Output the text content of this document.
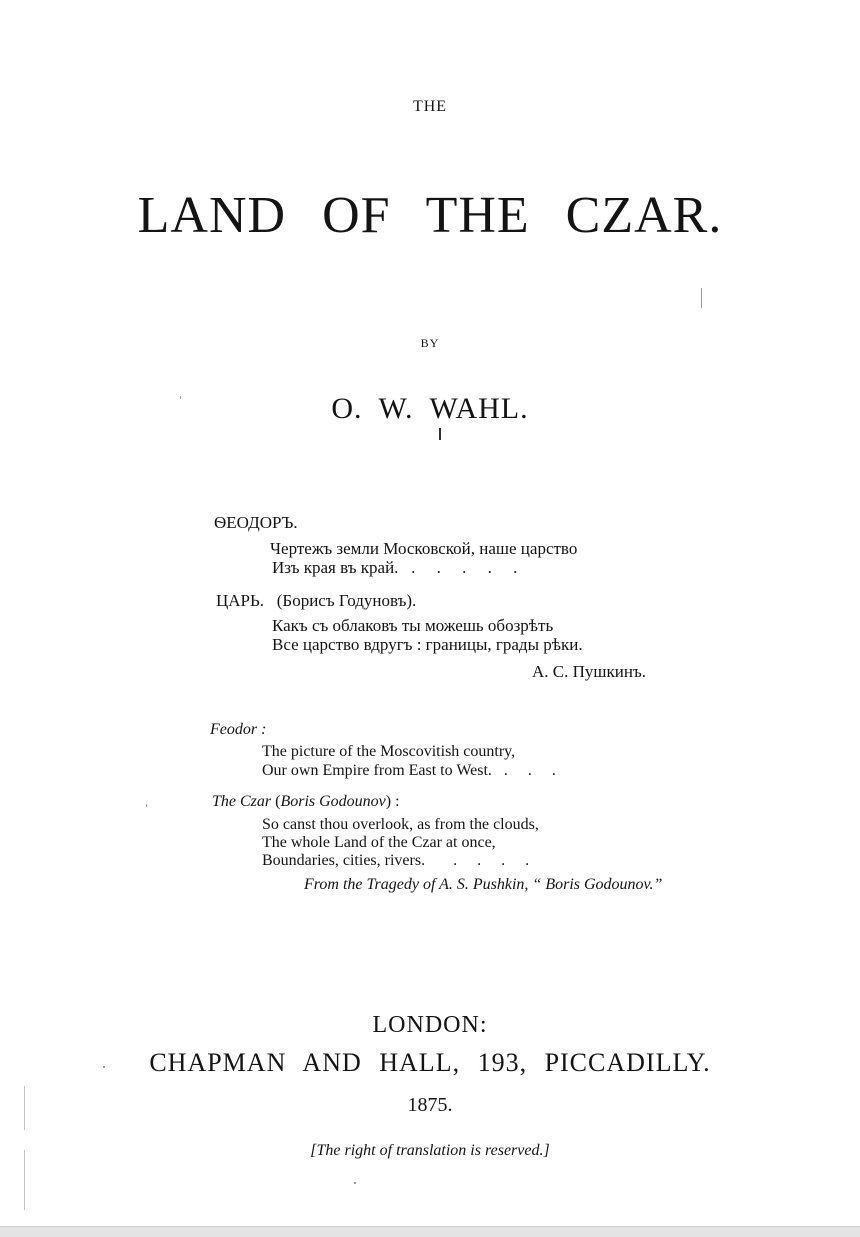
THE
LAND OF THE CZAR.
BY
O. W. WAHL.
ѲЕОДОРЪ.
Чертежъ земли Московской, наше царство
Изъ края въ край.   .     .     .     .     .
ЦАРЬ.   (Борисъ Годуновъ).
Какъ съ облаковъ ты можешь обозрѣть
Все царство вдругъ : границы, грады рѣки.
А. С. Пушкинъ.
Feodor :
The picture of the Moscovitish country,
Our own Empire from East to West.   .     .     .
The Czar (Boris Godounov) :
So canst thou overlook, as from the clouds,
The whole Land of the Czar at once,
Boundaries, cities, rivers.       .     .     .     .
From the Tragedy of A. S. Pushkin, “ Boris Godounov.”
LONDON:
CHAPMAN AND HALL, 193, PICCADILLY.
1875.
[The right of translation is reserved.]
